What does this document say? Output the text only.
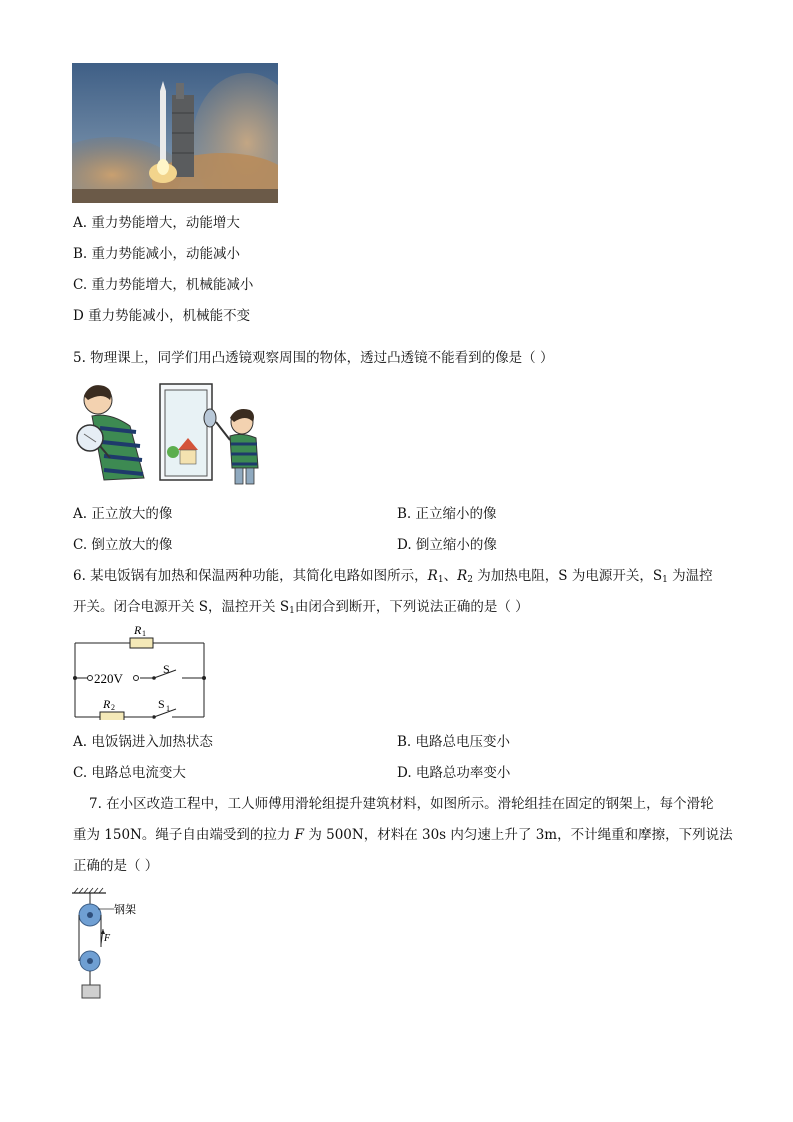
A. 重力势能增大，动能增大
B. 重力势能减小，动能减小
C. 重力势能增大，机械能减小
D 重力势能减小，机械能不变
5. 物理课上，同学们用凸透镜观察周围的物体，透过凸透镜不能看到的像是（ ）
A. 正立放大的像	B. 正立缩小的像
C. 倒立放大的像	D. 倒立缩小的像
6. 某电饭锅有加热和保温两种功能，其简化电路如图所示，$R_1$、$R_2$ 为加热电阻，S 为电源开关，$S_1$ 为温控
开关。闭合电源开关 S，温控开关 $S_1$由闭合到断开，下列说法正确的是（ ）
R 1
R 2
220V
S
S 1
A. 电饭锅进入加热状态	B. 电路总电压变小
C. 电路总电流变大	D. 电路总功率变小
7. 在小区改造工程中，工人师傅用滑轮组提升建筑材料，如图所示。滑轮组挂在固定的钢架上，每个滑轮
重为 150N。绳子自由端受到的拉力 F 为 500N，材料在 30s 内匀速上升了 3m，不计绳重和摩擦，下列说法
正确的是（ ）
钢架
F
